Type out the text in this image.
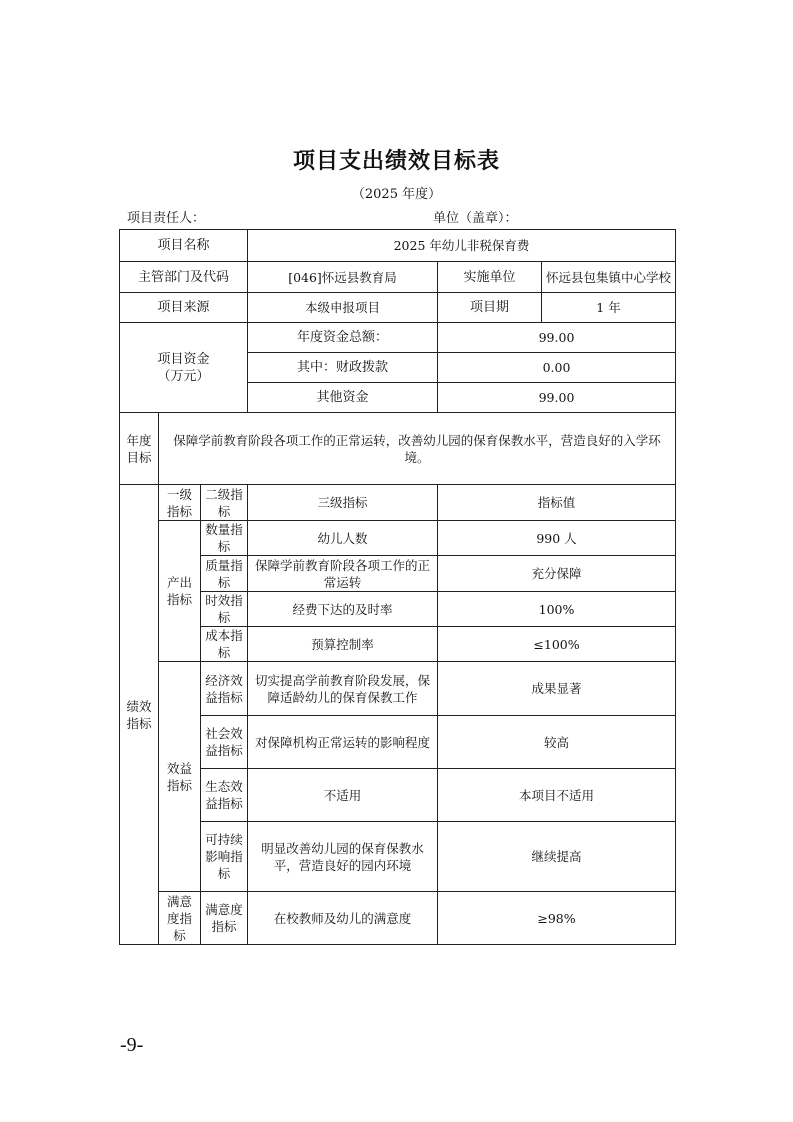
项目支出绩效目标表
（2025 年度）
项目责任人：	单位（盖章）：
项目名称			2025 年幼儿非税保育费		
主管部门及代码			[046]怀远县教育局	实施单位	怀远县包集镇中心学校
项目来源			本级申报项目	项目期	1 年

项目资金
（万元）			年度资金总额：	99.00	
			其中：财政拨款	0.00	
			其他资金	99.00	
年度目标	保障学前教育阶段各项工作的正常运转，改善幼儿园的保育保教水平，营造良好的入学环境。				
绩效指标	一级指标	二级指标	三级指标	指标值	
	产出指标	数量指标	幼儿人数	990 人	
		质量指标	保障学前教育阶段各项工作的正常运转	充分保障	
		时效指标	经费下达的及时率	100%	
		成本指标	预算控制率	≤100%	
	效益指标	经济效益指标	切实提高学前教育阶段发展，保障适龄幼儿的保育保教工作	成果显著	
		社会效益指标	对保障机构正常运转的影响程度	较高	
		生态效益指标	不适用	本项目不适用	
		可持续影响指标	明显改善幼儿园的保育保教水平，营造良好的园内环境	继续提高	
	满意度指标	满意度指标	在校教师及幼儿的满意度	≥98%	
-9-
